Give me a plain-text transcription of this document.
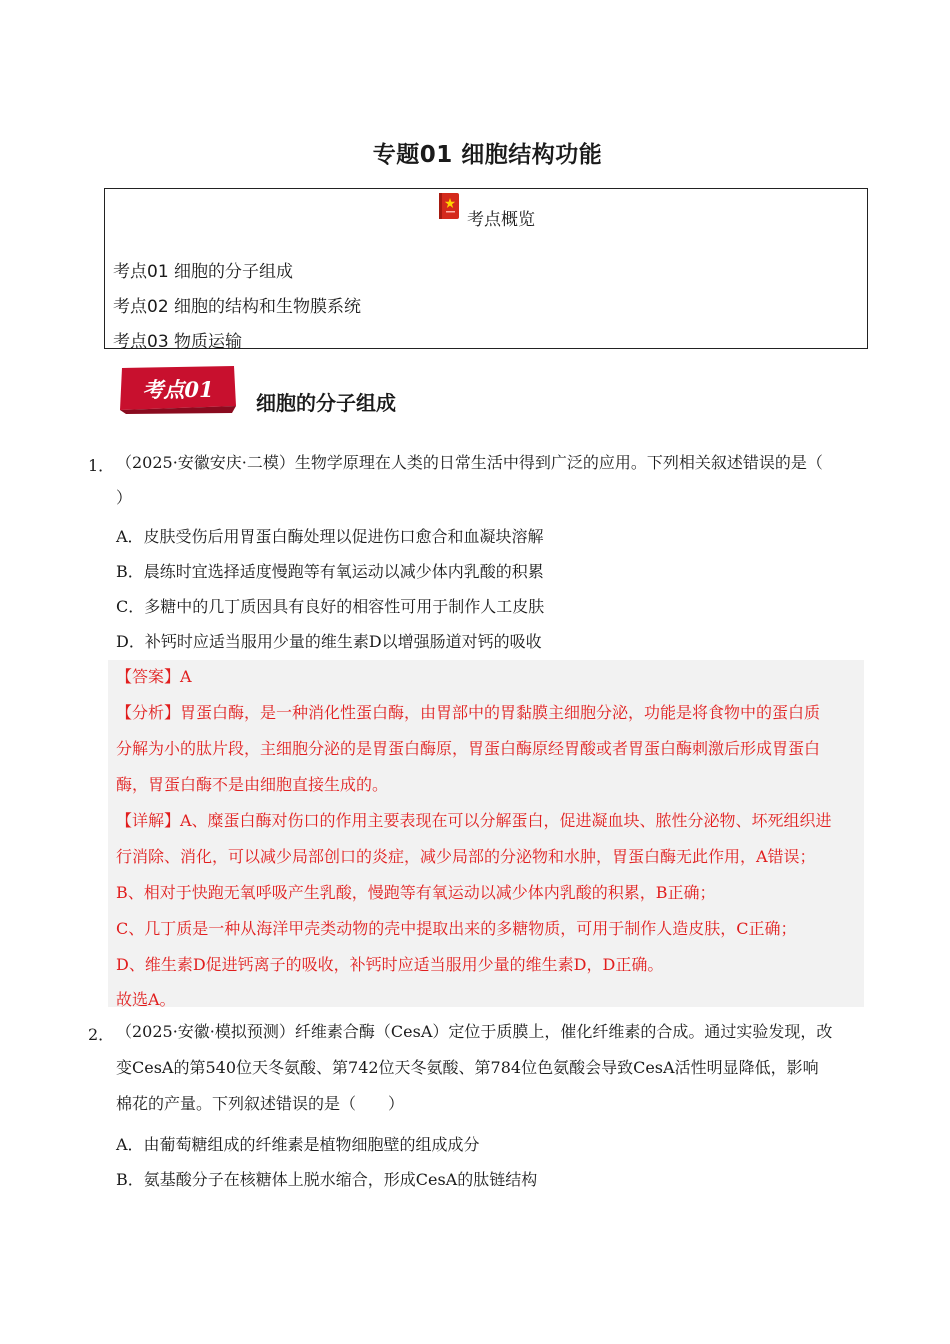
专题01 细胞结构功能
考点概览
考点01 细胞的分子组成
考点02 细胞的结构和生物膜系统
考点03 物质运输
考点01
细胞的分子组成
1． （2025·安徽安庆·二模）生物学原理在人类的日常生活中得到广泛的应用。下列相关叙述错误的是（
）
A．皮肤受伤后用胃蛋白酶处理以促进伤口愈合和血凝块溶解
B．晨练时宜选择适度慢跑等有氧运动以减少体内乳酸的积累
C．多糖中的几丁质因具有良好的相容性可用于制作人工皮肤
D．补钙时应适当服用少量的维生素D以增强肠道对钙的吸收
【答案】A
【分析】胃蛋白酶，是一种消化性蛋白酶，由胃部中的胃黏膜主细胞分泌，功能是将食物中的蛋白质
分解为小的肽片段，主细胞分泌的是胃蛋白酶原，胃蛋白酶原经胃酸或者胃蛋白酶刺激后形成胃蛋白
酶，胃蛋白酶不是由细胞直接生成的。
【详解】A、糜蛋白酶对伤口的作用主要表现在可以分解蛋白，促进凝血块、脓性分泌物、坏死组织进
行消除、消化，可以减少局部创口的炎症，减少局部的分泌物和水肿，胃蛋白酶无此作用，A错误；
B、相对于快跑无氧呼吸产生乳酸，慢跑等有氧运动以减少体内乳酸的积累，B正确；
C、几丁质是一种从海洋甲壳类动物的壳中提取出来的多糖物质，可用于制作人造皮肤，C正确；
D、维生素D促进钙离子的吸收，补钙时应适当服用少量的维生素D，D正确。
故选A。
2． （2025·安徽·模拟预测）纤维素合酶（CesA）定位于质膜上，催化纤维素的合成。通过实验发现，改
变CesA的第540位天冬氨酸、第742位天冬氨酸、第784位色氨酸会导致CesA活性明显降低，影响
棉花的产量。下列叙述错误的是（　　）
A．由葡萄糖组成的纤维素是植物细胞壁的组成成分
B．氨基酸分子在核糖体上脱水缩合，形成CesA的肽链结构
